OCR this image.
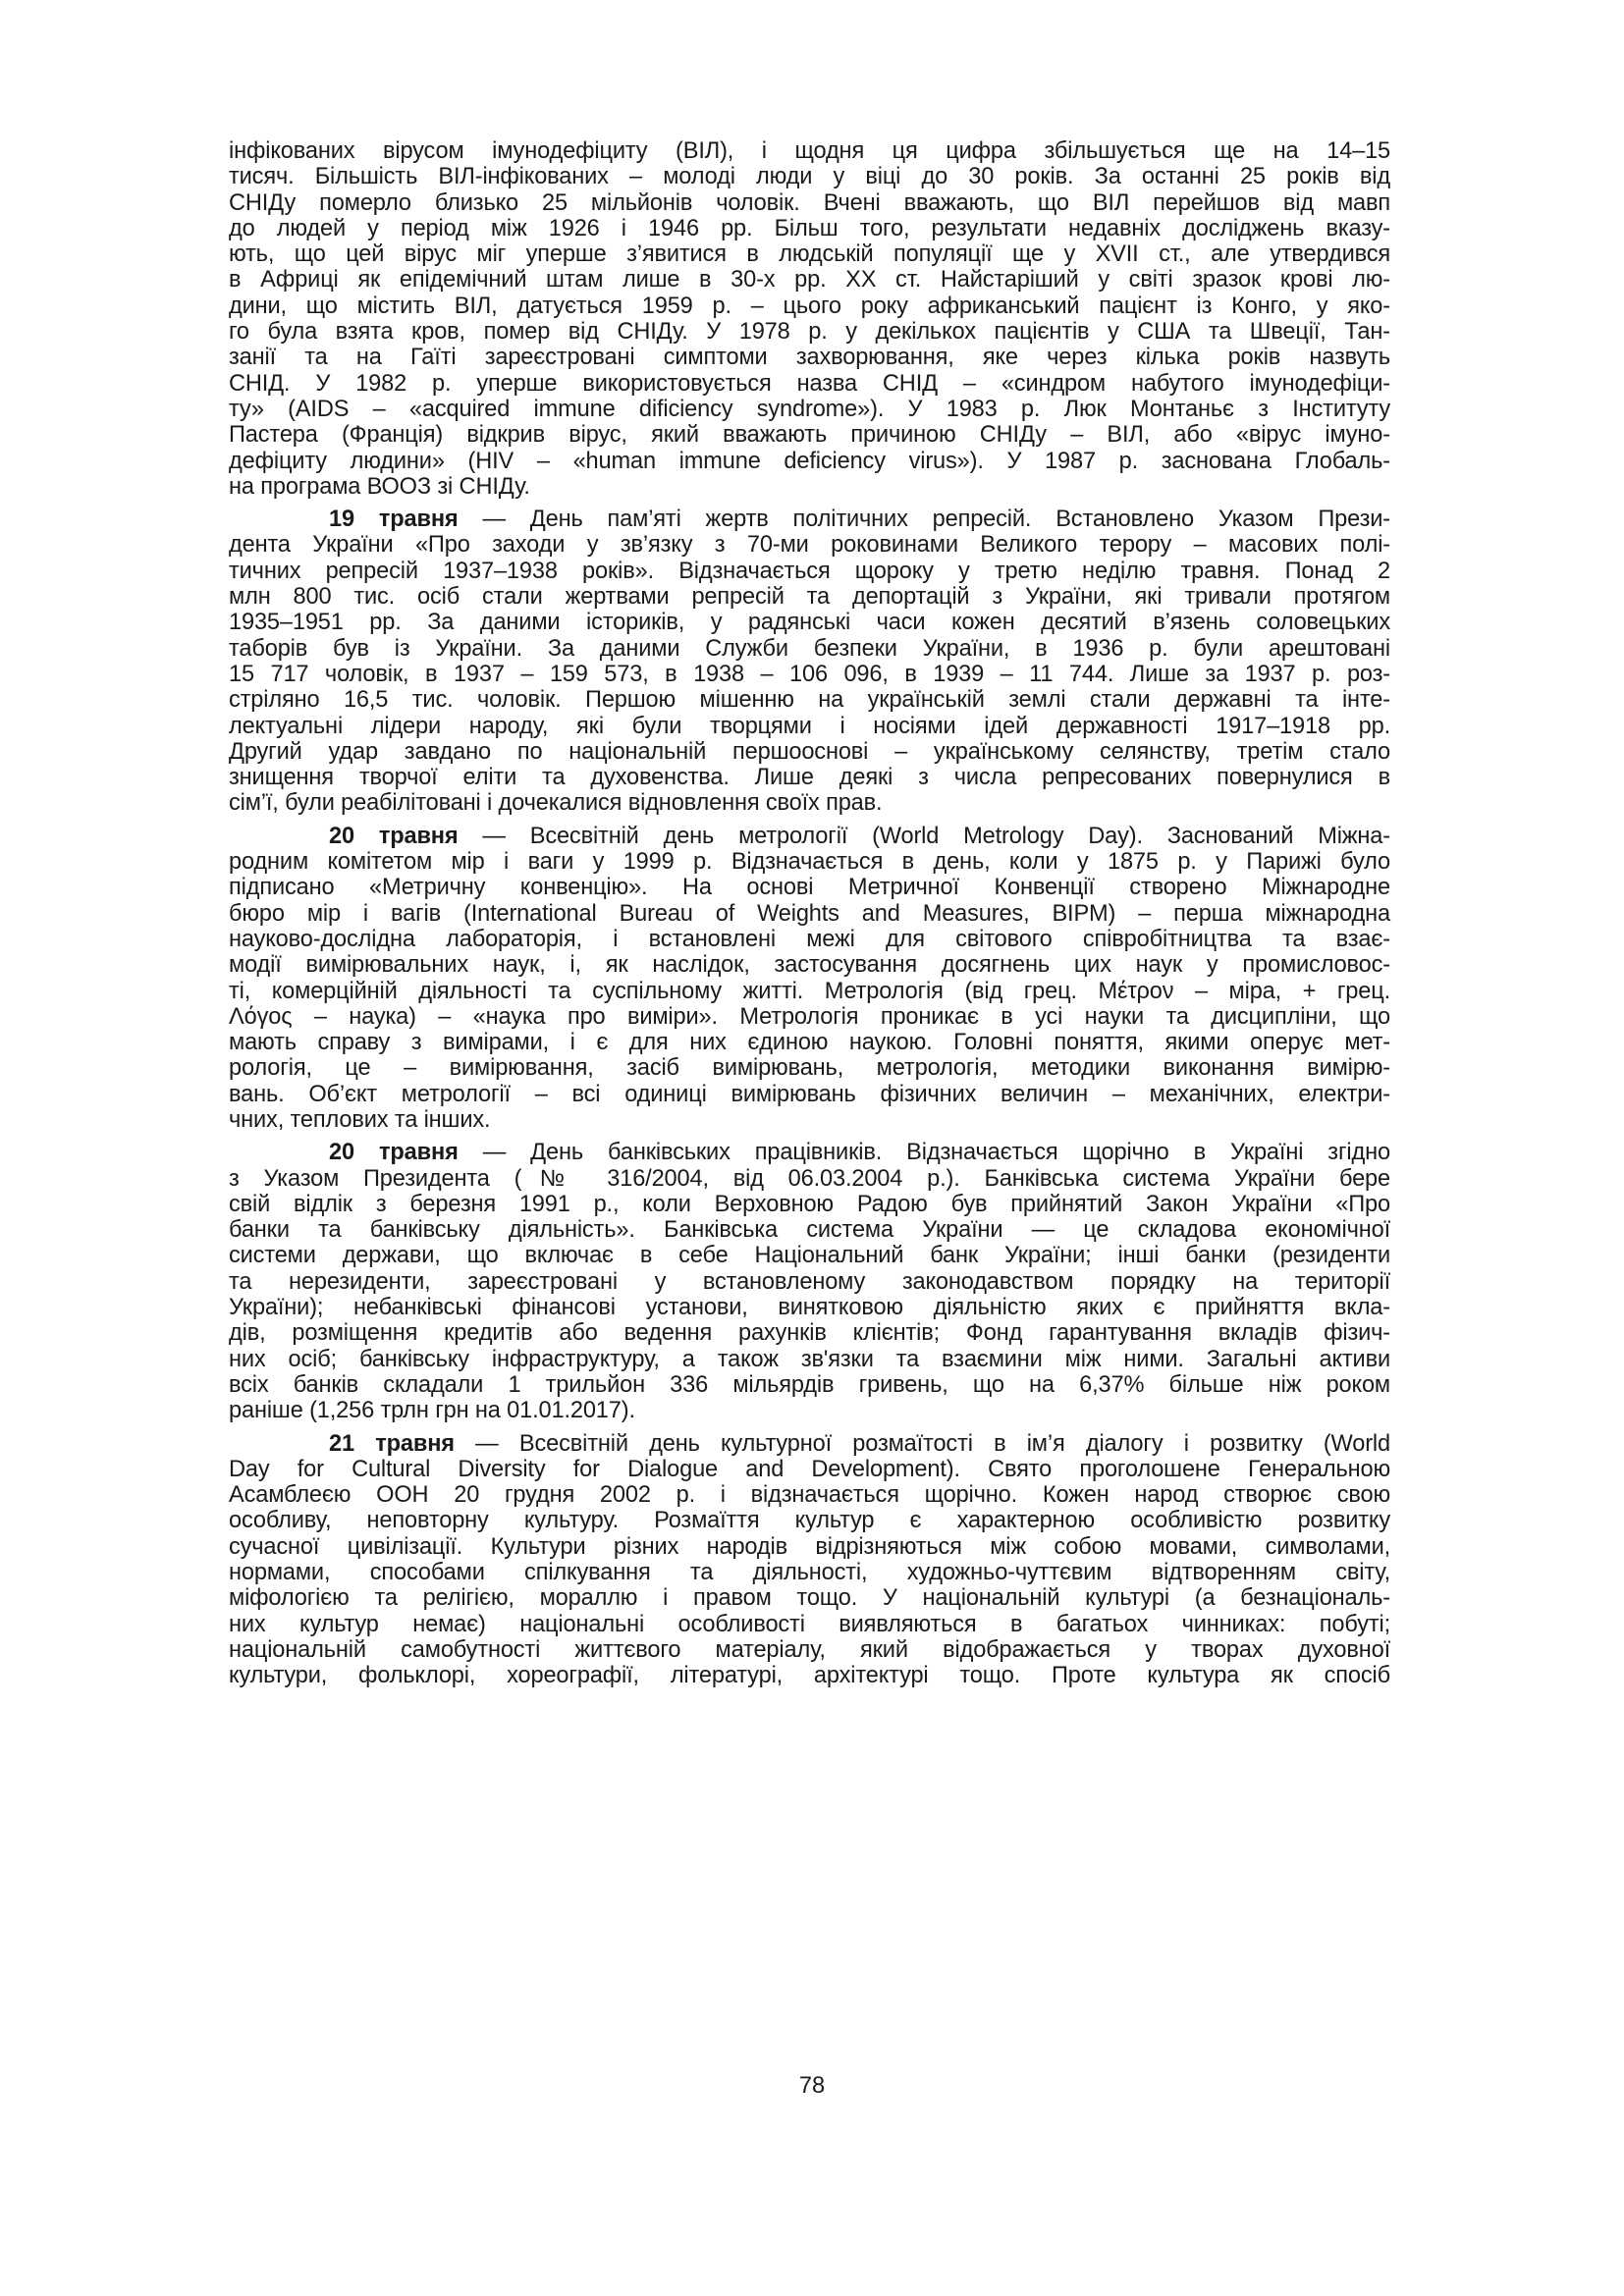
інфікованих вірусом імунодефіциту (ВІЛ), і щодня ця цифра збільшується ще на 14–15
тисяч. Більшість ВІЛ-інфікованих – молоді люди у віці до 30 років. За останні 25 років від
СНІДу померло близько 25 мільйонів чоловік. Вчені вважають, що ВІЛ перейшов від мавп
до людей у період між 1926 і 1946 рр. Більш того, результати недавніх досліджень вказу-
ють, що цей вірус міг уперше з’явитися в людській популяції ще у XVII ст., але утвердився
в Африці як епідемічний штам лише в 30-х рр. XX ст. Найстаріший у світі зразок крові лю-
дини, що містить ВІЛ, датується 1959 р. – цього року африканський пацієнт із Конго, у яко-
го була взята кров, помер від СНІДу. У 1978 р. у декількох пацієнтів у США та Швеції, Тан-
занії та на Гаїті зареєстровані симптоми захворювання, яке через кілька років назвуть
СНІД. У 1982 р. уперше використовується назва СНІД – «синдром набутого імунодефіци-
ту» (AIDS – «acquired immune dificiency syndrome»). У 1983 р. Люк Монтаньє з Інституту
Пастера (Франція) відкрив вірус, який вважають причиною СНІДу – ВІЛ, або «вірус імуно-
дефіциту людини» (HIV – «human immune deficiency virus»). У 1987 р. заснована Глобаль-
на програма ВООЗ зі СНІДу.
19 травня — День пам’яті жертв політичних репресій. Встановлено Указом Прези-
дента України «Про заходи у зв’язку з 70-ми роковинами Великого терору – масових полі-
тичних репресій 1937–1938 років». Відзначається щороку у третю неділю травня. Понад 2
млн 800 тис. осіб стали жертвами репресій та депортацій з України, які тривали протягом
1935–1951 рр. За даними істориків, у радянські часи кожен десятий в’язень соловецьких
таборів був із України. За даними Служби безпеки України, в 1936 р. були арештовані
15 717 чоловік, в 1937 – 159 573, в 1938 – 106 096, в 1939 – 11 744. Лише за 1937 р. роз-
стріляно 16,5 тис. чоловік. Першою мішенню на українській землі стали державні та інте-
лектуальні лідери народу, які були творцями і носіями ідей державності 1917–1918 рр.
Другий удар завдано по національній першооснові – українському селянству, третім стало
знищення творчої еліти та духовенства. Лише деякі з числа репресованих повернулися в
сім’ї, були реабілітовані і дочекалися відновлення своїх прав.
20 травня — Всесвітній день метрології (World Metrology Day). Заснований Міжна-
родним комітетом мір і ваги у 1999 р. Відзначається в день, коли у 1875 р. у Парижі було
підписано «Метричну конвенцію». На основі Метричної Конвенції створено Міжнародне
бюро мір і вагів (International Bureau of Weights and Measures, BIPM) – перша міжнародна
науково-дослідна лабораторія, і встановлені межі для світового співробітництва та взає-
модії вимірювальних наук, і, як наслідок, застосування досягнень цих наук у промисловос-
ті, комерційній діяльності та суспільному житті. Метрологія (від грец. Μέτρον – міра, + грец.
Λόγος – наука) – «наука про виміри». Метрологія проникає в усі науки та дисципліни, що
мають справу з вимірами, і є для них єдиною наукою. Головні поняття, якими оперує мет-
рологія, це – вимірювання, засіб вимірювань, метрологія, методики виконання вимірю-
вань. Об’єкт метрології – всі одиниці вимірювань фізичних величин – механічних, електри-
чних, теплових та інших.
20 травня — День банківських працівників. Відзначається щорічно в Україні згідно
з Указом Президента (№ 316/2004, від 06.03.2004 р.). Банківська система України бере
свій відлік з березня 1991 р., коли Верховною Радою був прийнятий Закон України «Про
банки та банківську діяльність». Банківська система України — це складова економічної
системи держави, що включає в себе Національний банк України; інші банки (резиденти
та нерезиденти, зареєстровані у встановленому законодавством порядку на території
України); небанківські фінансові установи, винятковою діяльністю яких є прийняття вкла-
дів, розміщення кредитів або ведення рахунків клієнтів; Фонд гарантування вкладів фізич-
них осіб; банківську інфраструктуру, а також зв'язки та взаємини між ними. Загальні активи
всіх банків складали 1 трильйон 336 мільярдів гривень, що на 6,37% більше ніж роком
раніше (1,256 трлн грн на 01.01.2017).
21 травня — Всесвітній день культурної розмаїтості в ім’я діалогу і розвитку (World
Day for Cultural Diversity for Dialogue and Development). Свято проголошене Генеральною
Асамблеєю ООН 20 грудня 2002 р. і відзначається щорічно. Кожен народ створює свою
особливу, неповторну культуру. Розмаїття культур є характерною особливістю розвитку
сучасної цивілізації. Культури різних народів відрізняються між собою мовами, символами,
нормами, способами спілкування та діяльності, художньо-чуттєвим відтворенням світу,
міфологією та релігією, мораллю і правом тощо. У національній культурі (а безнаціональ-
них культур немає) національні особливості виявляються в багатьох чинниках: побуті;
національній самобутності життєвого матеріалу, який відображається у творах духовної
культури, фольклорі, хореографії, літературі, архітектурі тощо. Проте культура як спосіб
78
